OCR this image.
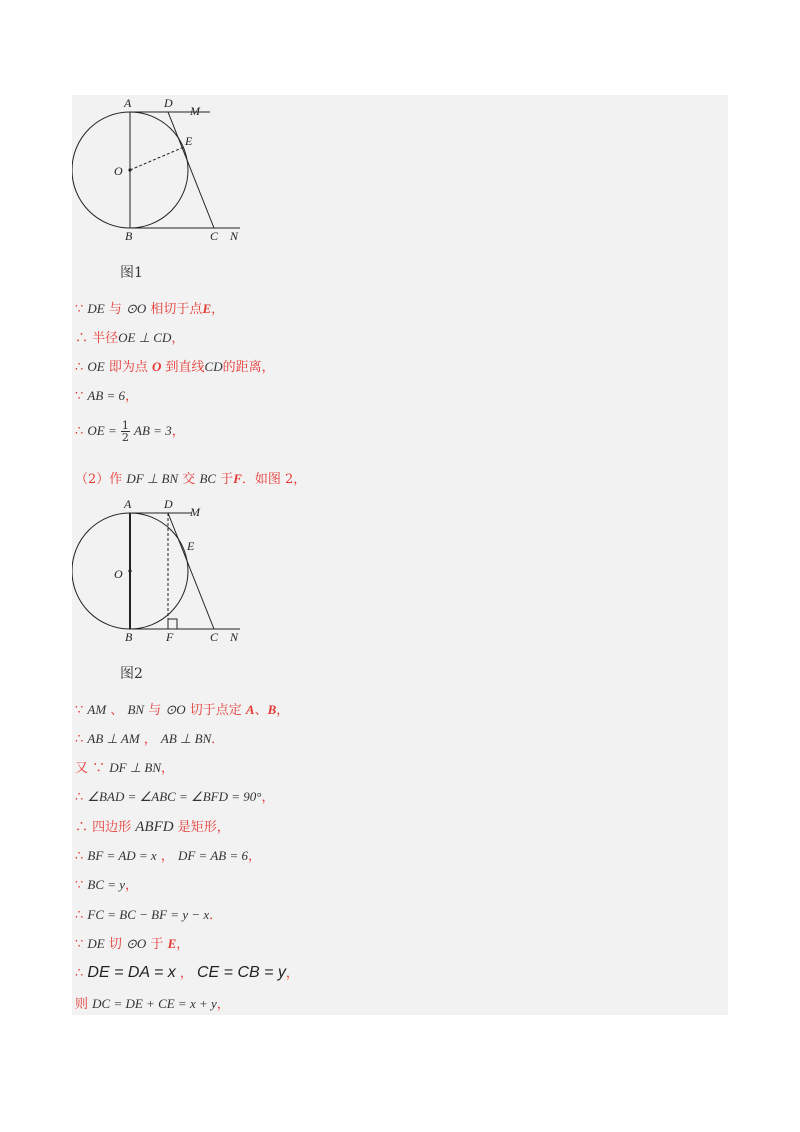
A	D
M
E
O
B	C N
图1
∵ DE 与 ⊙O 相切于点E，
∴ 半径OE ⊥ CD，
∴ OE 即为点 O 到直线CD的距离，
∵ AB = 6，
∴ OE = $\frac{1}{2}$ AB = 3，
（2）作 DF ⊥ BN 交 BC 于F．如图 2，
A	D
M
E
O
B	F	C N
图2
∵ AM 、 BN 与 ⊙O 切于点定 A、B，
∴ AB ⊥ AM ， AB ⊥ BN．
又 ∵ DF ⊥ BN，
∴ ∠BAD = ∠ABC = ∠BFD = 90°，
∴ 四边形 ABFD 是矩形，
∴ BF = AD = x ， DF = AB = 6，
∵ BC = y，
∴ FC = BC − BF = y − x．
∵ DE 切 ⊙O 于 E，
∴ DE = DA = x ， CE = CB = y，
则 DC = DE + CE = x + y，
